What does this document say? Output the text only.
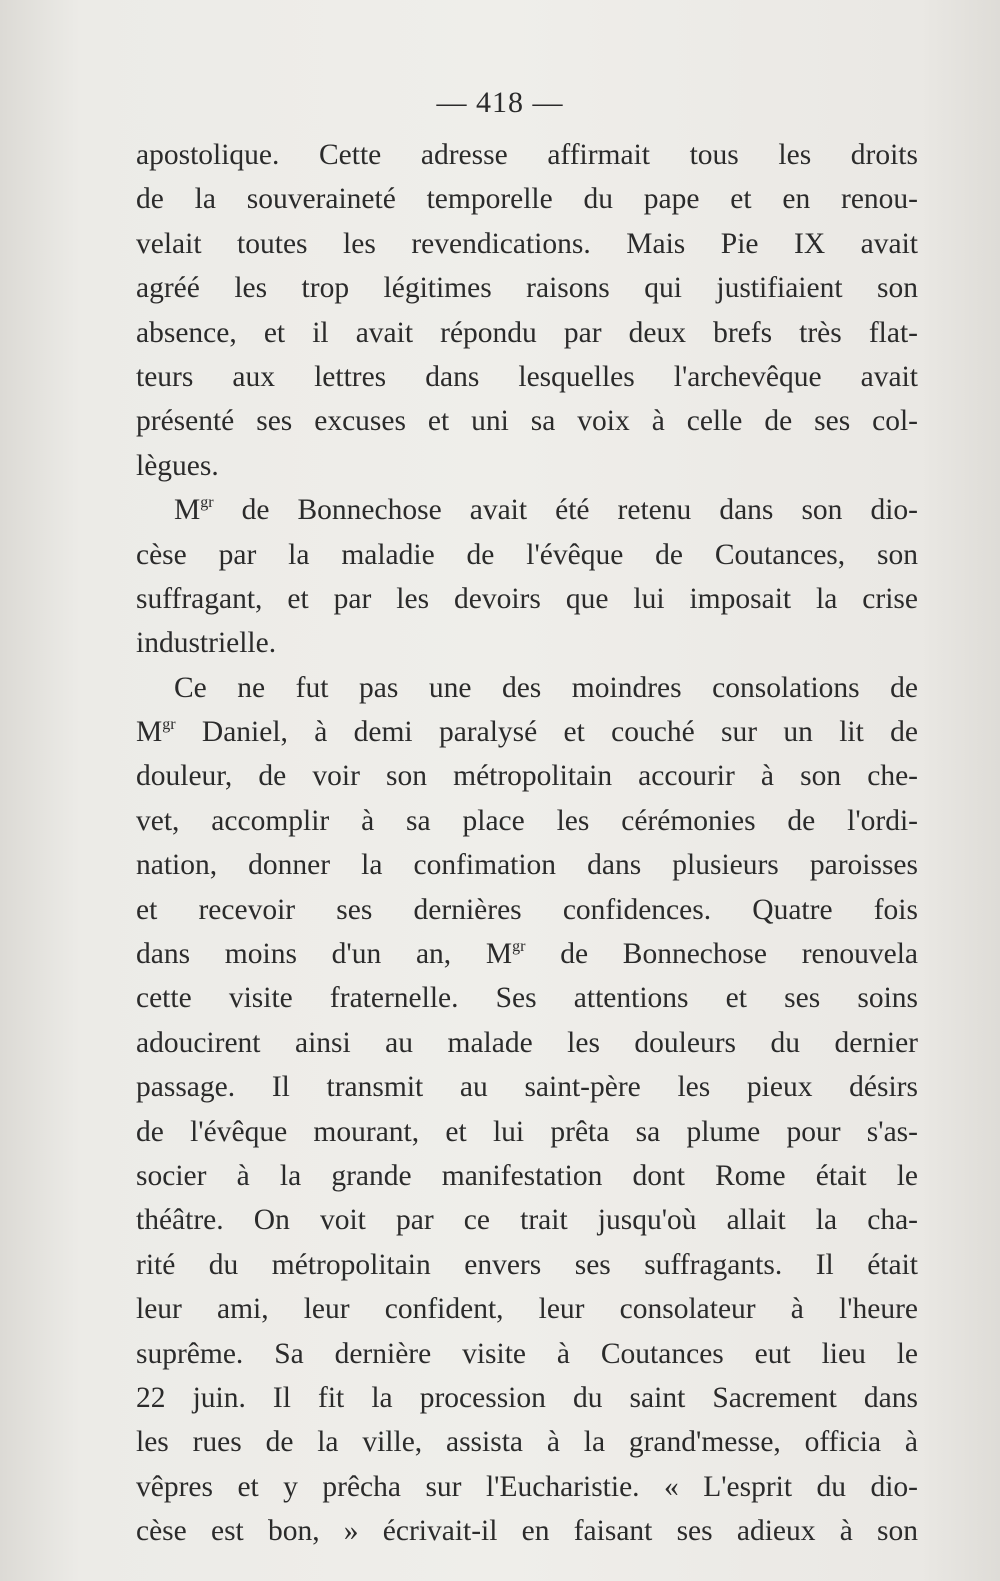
— 418 —
apostolique. Cette adresse affirmait tous les droits
de la souveraineté temporelle du pape et en renou-
velait toutes les revendications. Mais Pie IX avait
agréé les trop légitimes raisons qui justifiaient son
absence, et il avait répondu par deux brefs très flat-
teurs aux lettres dans lesquelles l'archevêque avait
présenté ses excuses et uni sa voix à celle de ses col-
lègues.
$M^{gr}$ de Bonnechose avait été retenu dans son dio-
cèse par la maladie de l'évêque de Coutances, son
suffragant, et par les devoirs que lui imposait la crise
industrielle.
Ce ne fut pas une des moindres consolations de
$M^{gr}$ Daniel, à demi paralysé et couché sur un lit de
douleur, de voir son métropolitain accourir à son che-
vet, accomplir à sa place les cérémonies de l'ordi-
nation, donner la confimation dans plusieurs paroisses
et recevoir ses dernières confidences. Quatre fois
dans moins d'un an, $M^{gr}$ de Bonnechose renouvela
cette visite fraternelle. Ses attentions et ses soins
adoucirent ainsi au malade les douleurs du dernier
passage. Il transmit au saint-père les pieux désirs
de l'évêque mourant, et lui prêta sa plume pour s'as-
socier à la grande manifestation dont Rome était le
théâtre. On voit par ce trait jusqu'où allait la cha-
rité du métropolitain envers ses suffragants. Il était
leur ami, leur confident, leur consolateur à l'heure
suprême. Sa dernière visite à Coutances eut lieu le
22 juin. Il fit la procession du saint Sacrement dans
les rues de la ville, assista à la grand'messe, officia à
vêpres et y prêcha sur l'Eucharistie. « L'esprit du dio-
cèse est bon, » écrivait-il en faisant ses adieux à son
